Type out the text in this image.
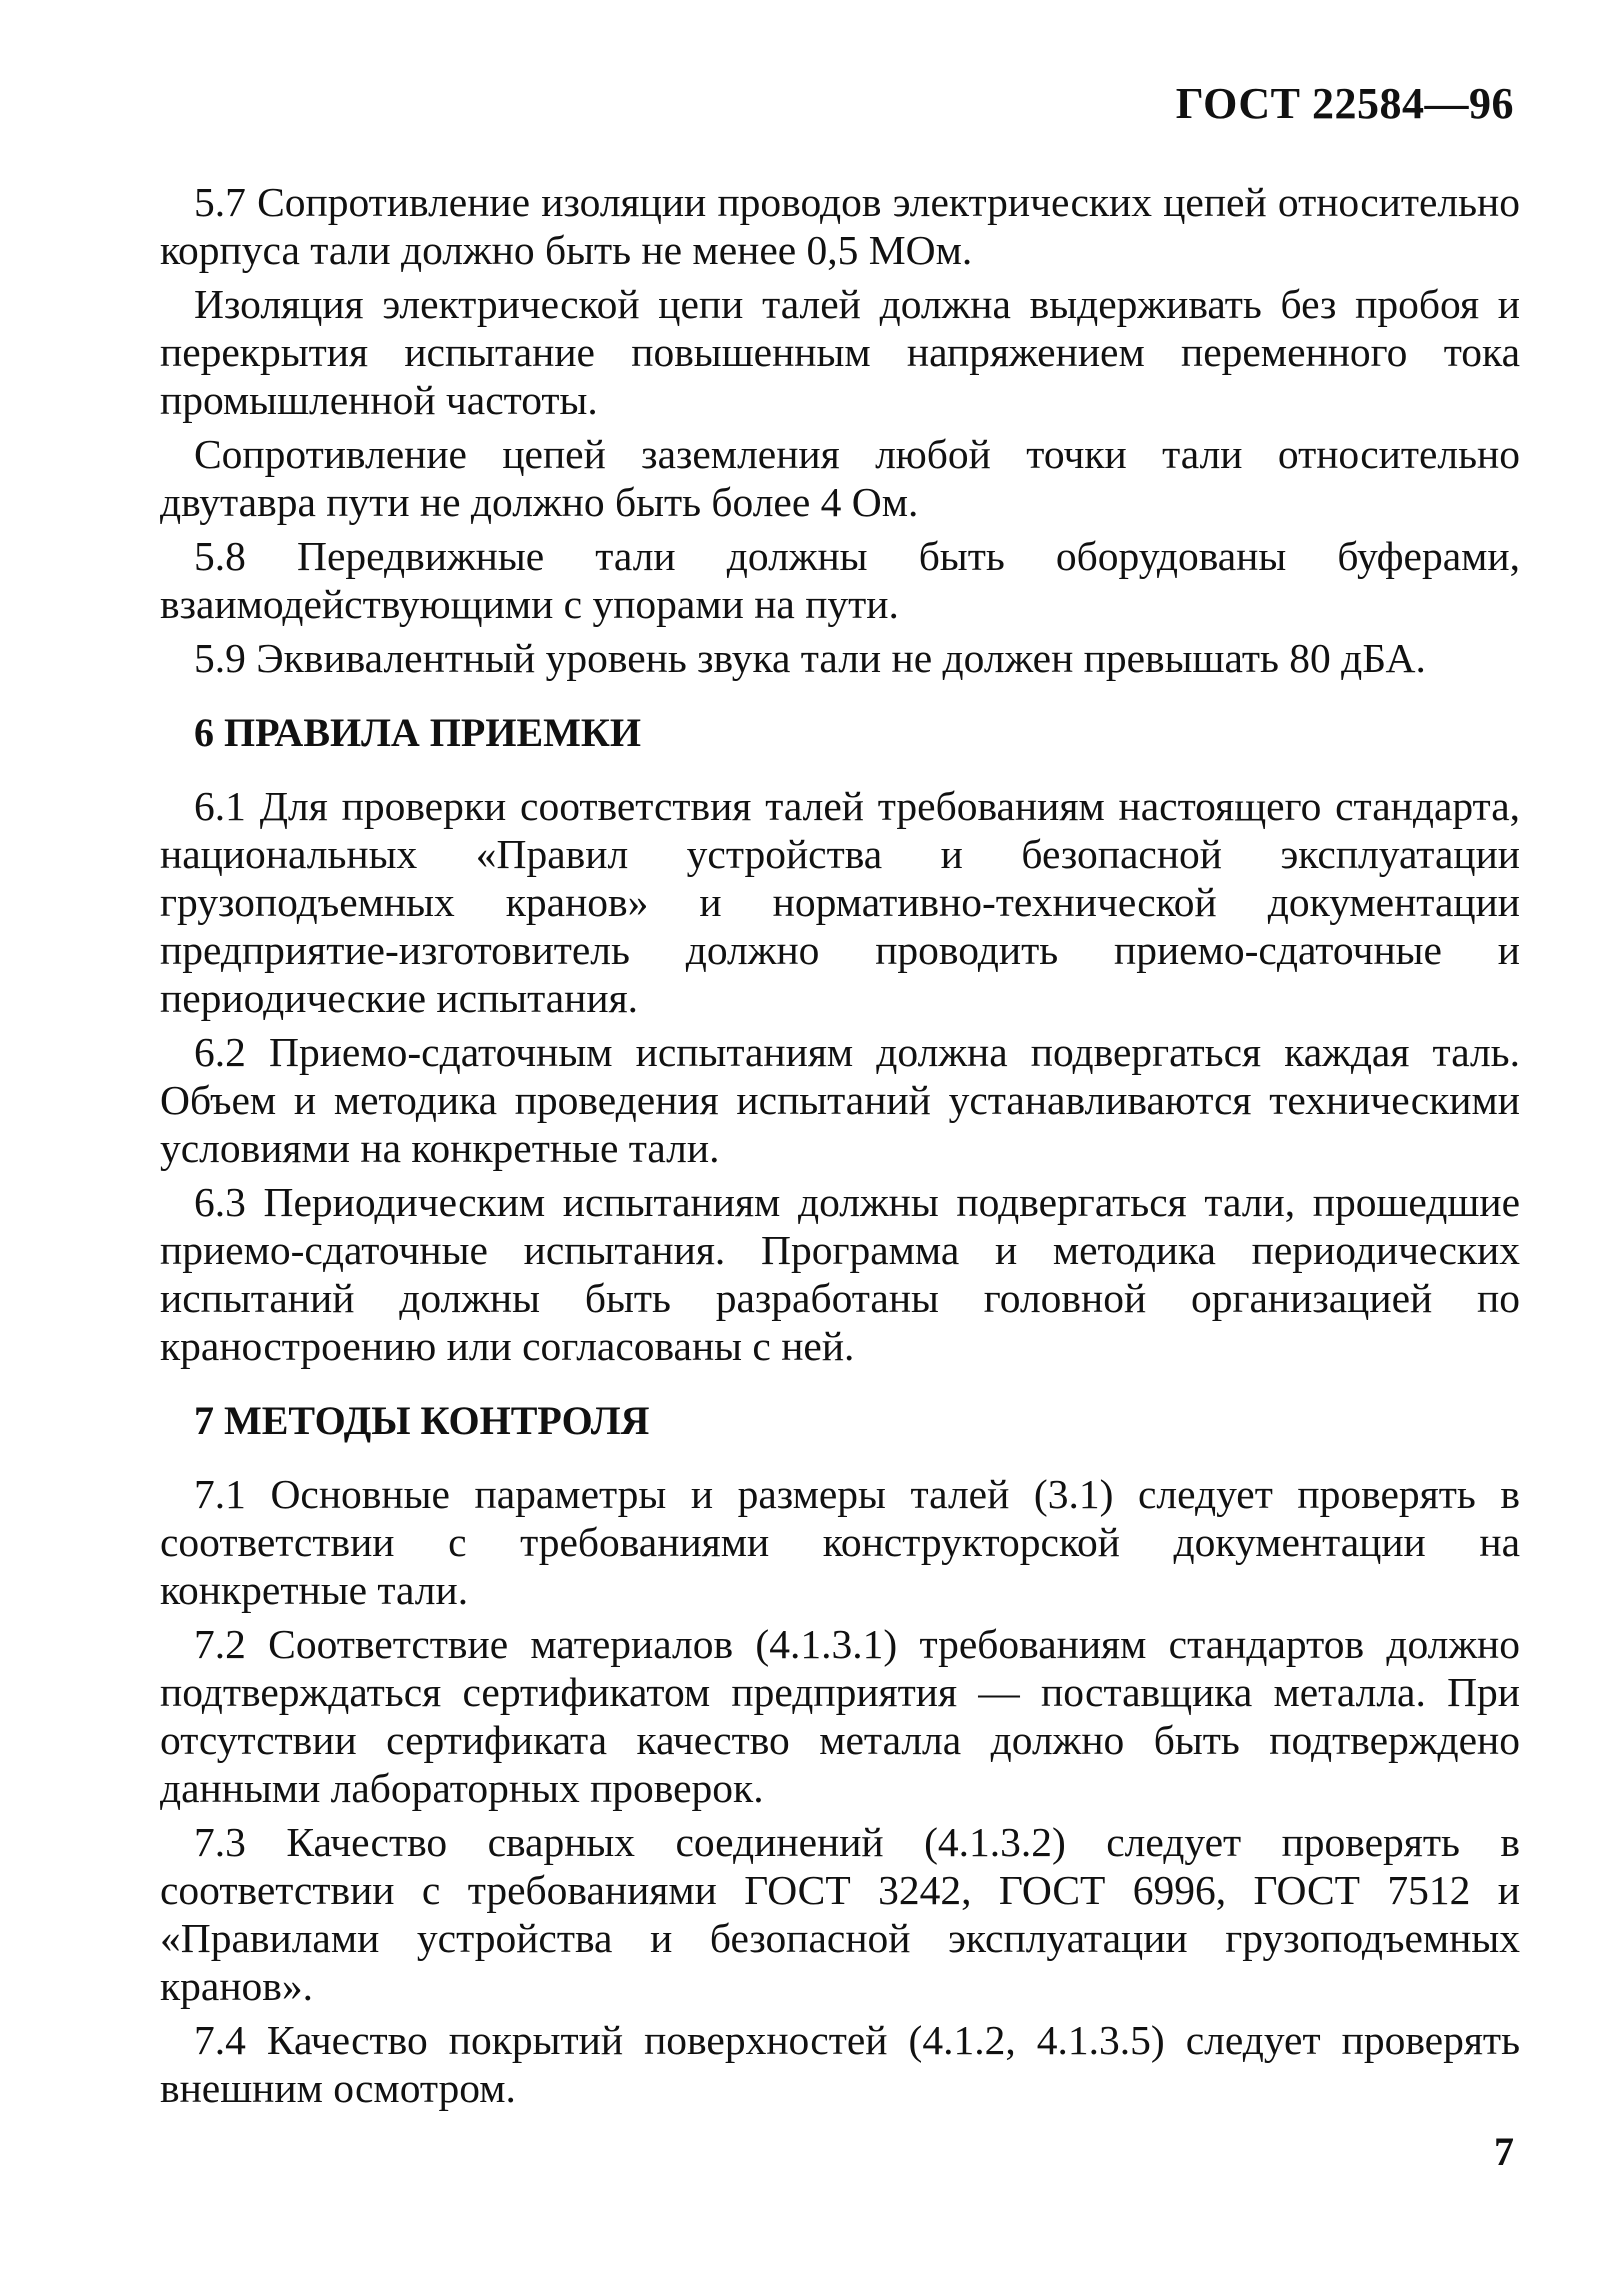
ГОСТ 22584—96

5.7 Сопротивление изоляции проводов электрических цепей относительно корпуса тали должно быть не менее 0,5 МОм.

Изоляция электрической цепи талей должна выдерживать без пробоя и перекрытия испытание повышенным напряжением переменного тока промышленной частоты.

Сопротивление цепей заземления любой точки тали относительно двутавра пути не должно быть более 4 Ом.

5.8 Передвижные тали должны быть оборудованы буферами, взаимодействующими с упорами на пути.

5.9 Эквивалентный уровень звука тали не должен превышать 80 дБА.

6 ПРАВИЛА ПРИЕМКИ

6.1 Для проверки соответствия талей требованиям настоящего стандарта, национальных «Правил устройства и безопасной эксплуатации грузоподъемных кранов» и нормативно-технической документации предприятие-изготовитель должно проводить приемо-сдаточные и периодические испытания.

6.2 Приемо-сдаточным испытаниям должна подвергаться каждая таль. Объем и методика проведения испытаний устанавливаются техническими условиями на конкретные тали.

6.3 Периодическим испытаниям должны подвергаться тали, прошедшие приемо-сдаточные испытания. Программа и методика периодических испытаний должны быть разработаны головной организацией по краностроению или согласованы с ней.

7 МЕТОДЫ КОНТРОЛЯ

7.1 Основные параметры и размеры талей (3.1) следует проверять в соответствии с требованиями конструкторской документации на конкретные тали.

7.2 Соответствие материалов (4.1.3.1) требованиям стандартов должно подтверждаться сертификатом предприятия — поставщика металла. При отсутствии сертификата качество металла должно быть подтверждено данными лабораторных проверок.

7.3 Качество сварных соединений (4.1.3.2) следует проверять в соответствии с требованиями ГОСТ 3242, ГОСТ 6996, ГОСТ 7512 и «Правилами устройства и безопасной эксплуатации грузоподъемных кранов».

7.4 Качество покрытий поверхностей (4.1.2, 4.1.3.5) следует проверять внешним осмотром.

7
